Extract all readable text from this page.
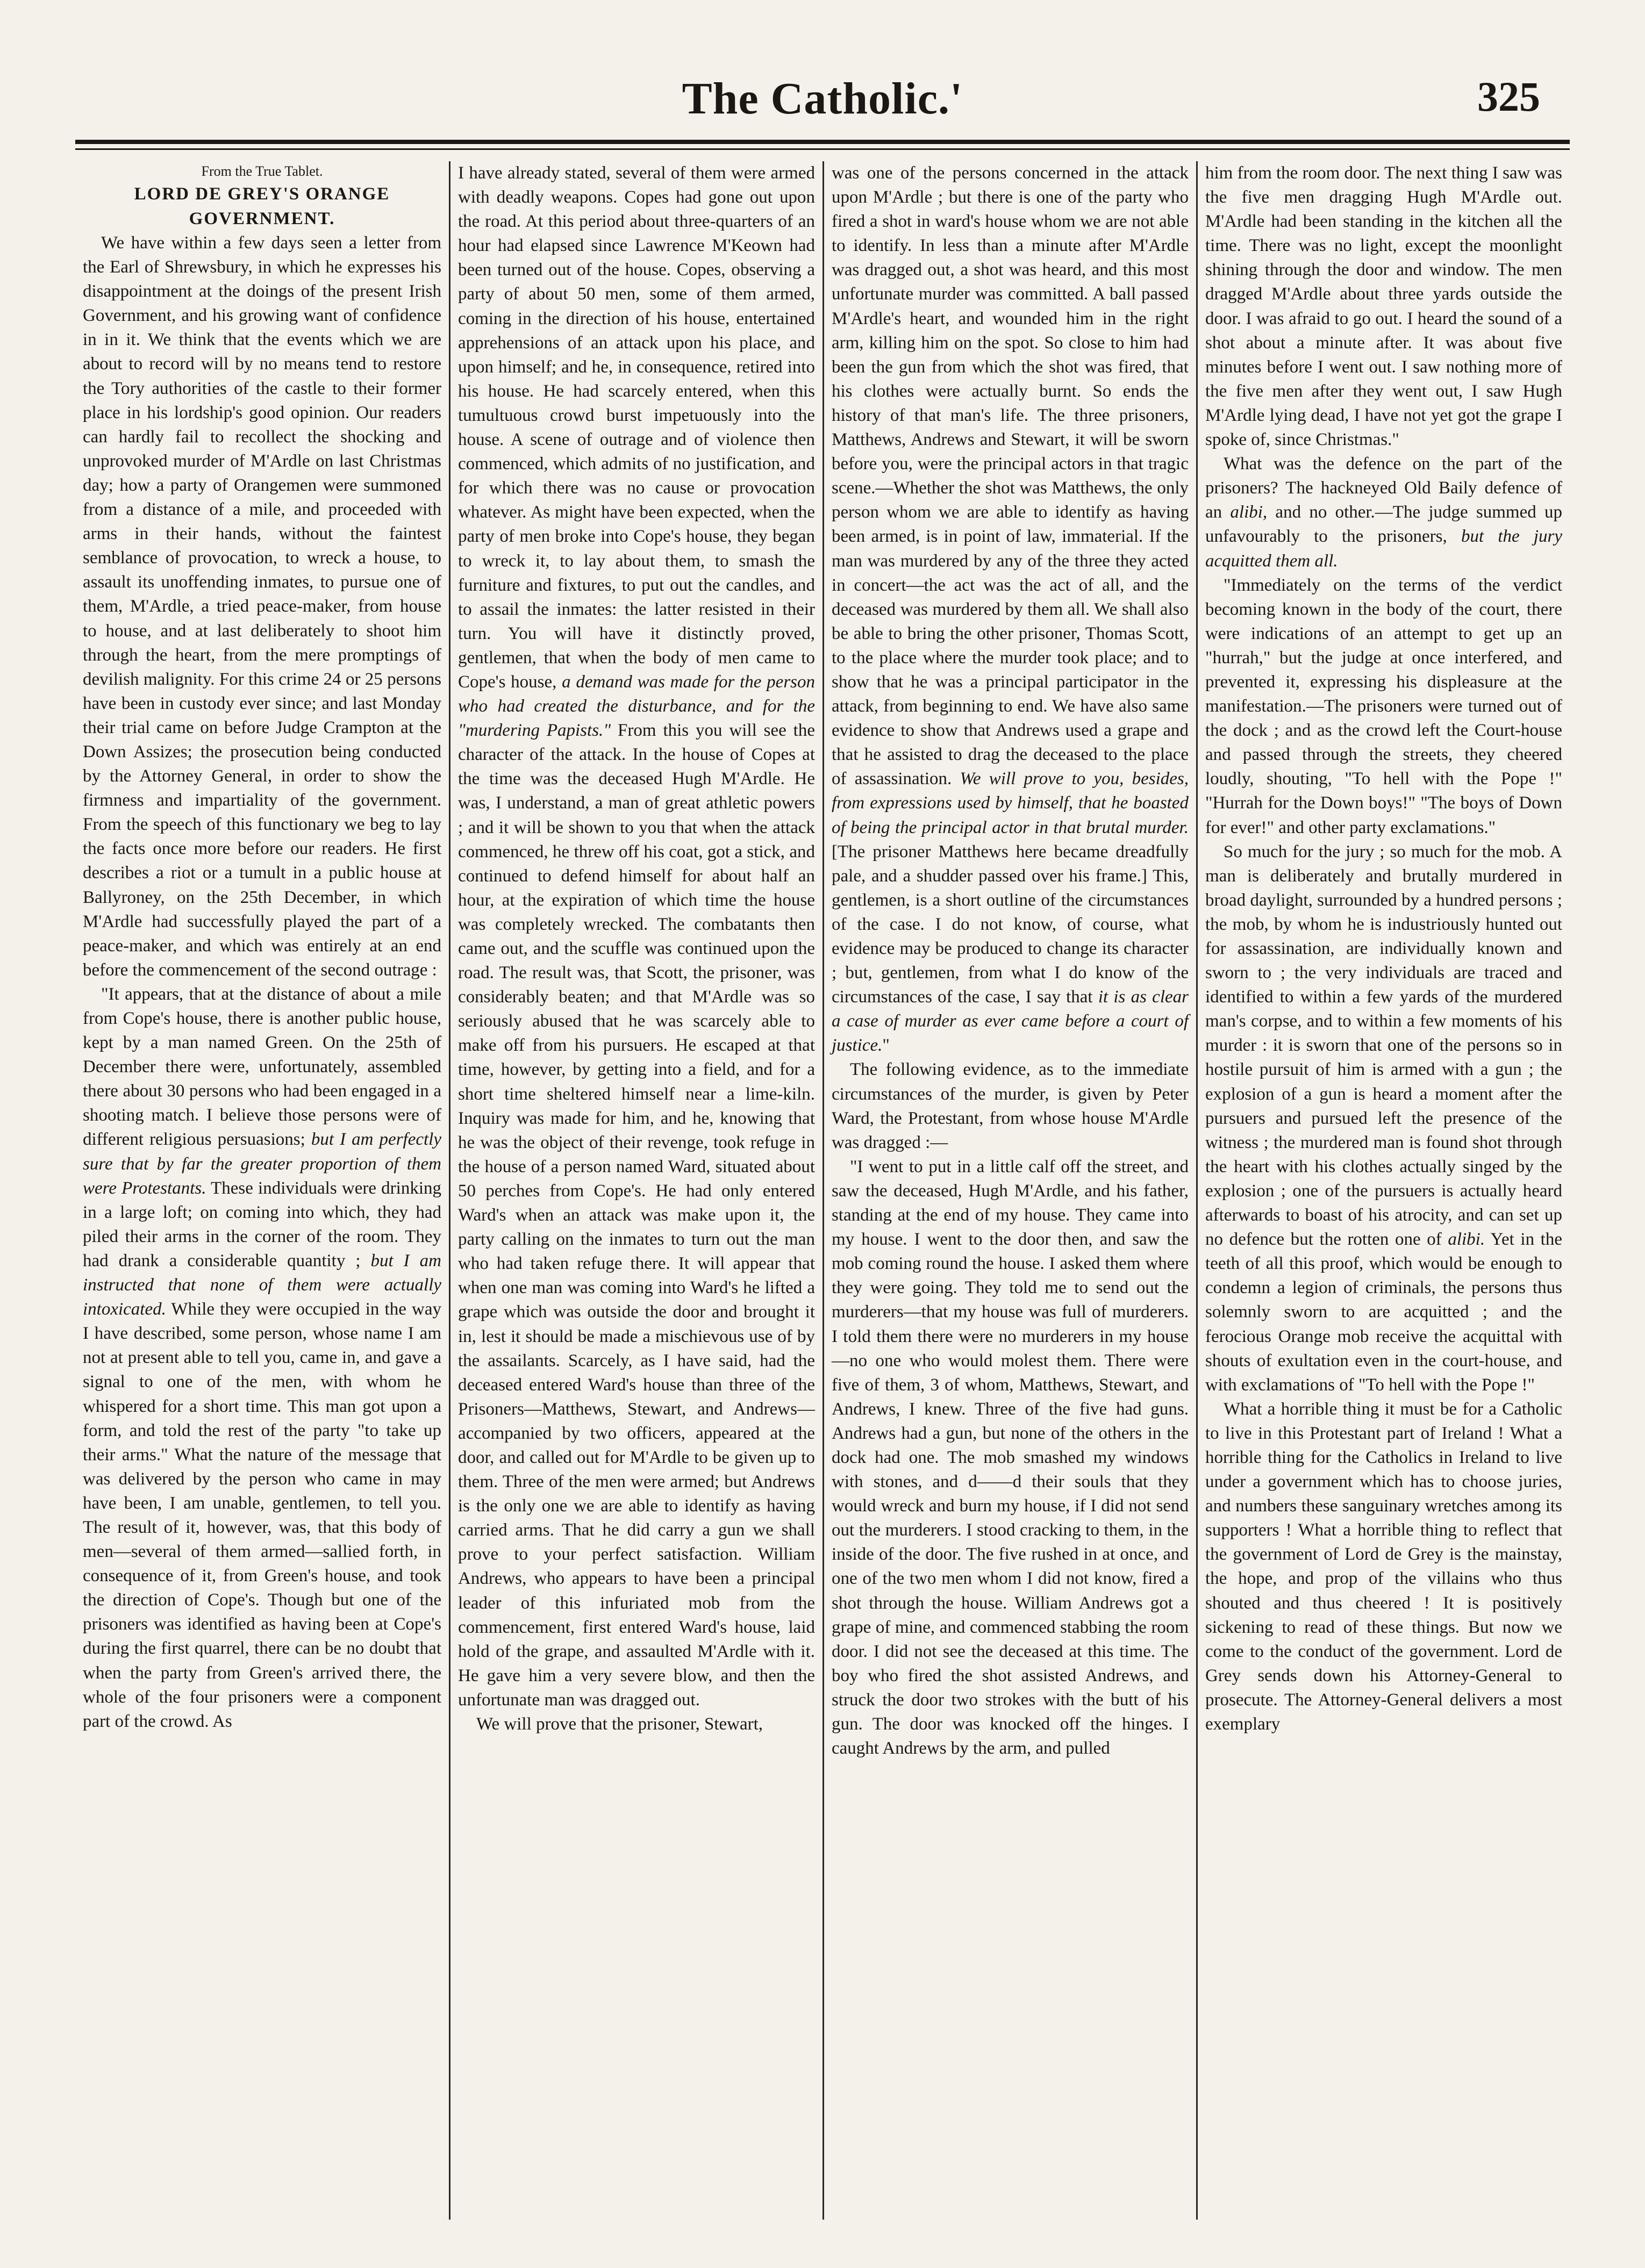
The Catholic.'	325

From the True Tablet.

LORD DE GREY'S ORANGE GOVERNMENT.

We have within a few days seen a letter from the Earl of Shrewsbury, in which he expresses his disappointment at the doings of the present Irish Government, and his growing want of confidence in in it. We think that the events which we are about to record will by no means tend to restore the Tory authorities of the castle to their former place in his lordship's good opinion. Our readers can hardly fail to recollect the shocking and unprovoked murder of M'Ardle on last Christmas day; how a party of Orangemen were summoned from a distance of a mile, and proceeded with arms in their hands, without the faintest semblance of provocation, to wreck a house, to assault its unoffending inmates, to pursue one of them, M'Ardle, a tried peace-maker, from house to house, and at last deliberately to shoot him through the heart, from the mere promptings of devilish malignity. For this crime 24 or 25 persons have been in custody ever since; and last Monday their trial came on before Judge Crampton at the Down Assizes; the prosecution being conducted by the Attorney General, in order to show the firmness and impartiality of the government. From the speech of this functionary we beg to lay the facts once more before our readers. He first describes a riot or a tumult in a public house at Ballyroney, on the 25th December, in which M'Ardle had successfully played the part of a peace-maker, and which was entirely at an end before the commencement of the second outrage :

"It appears, that at the distance of about a mile from Cope's house, there is another public house, kept by a man named Green. On the 25th of December there were, unfortunately, assembled there about 30 persons who had been engaged in a shooting match. I believe those persons were of different religious persuasions; but I am perfectly sure that by far the greater proportion of them were Protestants. These individuals were drinking in a large loft; on coming into which, they had piled their arms in the corner of the room. They had drank a considerable quantity ; but I am instructed that none of them were actually intoxicated. While they were occupied in the way I have described, some person, whose name I am not at present able to tell you, came in, and gave a signal to one of the men, with whom he whispered for a short time. This man got upon a form, and told the rest of the party "to take up their arms." What the nature of the message that was delivered by the person who came in may have been, I am unable, gentlemen, to tell you. The result of it, however, was, that this body of men—several of them armed—sallied forth, in consequence of it, from Green's house, and took the direction of Cope's. Though but one of the prisoners was identified as having been at Cope's during the first quarrel, there can be no doubt that when the party from Green's arrived there, the whole of the four prisoners were a component part of the crowd. As

I have already stated, several of them were armed with deadly weapons. Copes had gone out upon the road. At this period about three-quarters of an hour had elapsed since Lawrence M'Keown had been turned out of the house. Copes, observing a party of about 50 men, some of them armed, coming in the direction of his house, entertained apprehensions of an attack upon his place, and upon himself; and he, in consequence, retired into his house. He had scarcely entered, when this tumultuous crowd burst impetuously into the house. A scene of outrage and of violence then commenced, which admits of no justification, and for which there was no cause or provocation whatever. As might have been expected, when the party of men broke into Cope's house, they began to wreck it, to lay about them, to smash the furniture and fixtures, to put out the candles, and to assail the inmates: the latter resisted in their turn. You will have it distinctly proved, gentlemen, that when the body of men came to Cope's house, a demand was made for the person who had created the disturbance, and for the "murdering Papists." From this you will see the character of the attack. In the house of Copes at the time was the deceased Hugh M'Ardle. He was, I understand, a man of great athletic powers ; and it will be shown to you that when the attack commenced, he threw off his coat, got a stick, and continued to defend himself for about half an hour, at the expiration of which time the house was completely wrecked. The combatants then came out, and the scuffle was continued upon the road. The result was, that Scott, the prisoner, was considerably beaten; and that M'Ardle was so seriously abused that he was scarcely able to make off from his pursuers. He escaped at that time, however, by getting into a field, and for a short time sheltered himself near a lime-kiln. Inquiry was made for him, and he, knowing that he was the object of their revenge, took refuge in the house of a person named Ward, situated about 50 perches from Cope's. He had only entered Ward's when an attack was make upon it, the party calling on the inmates to turn out the man who had taken refuge there. It will appear that when one man was coming into Ward's he lifted a grape which was outside the door and brought it in, lest it should be made a mischievous use of by the assailants. Scarcely, as I have said, had the deceased entered Ward's house than three of the Prisoners—Matthews, Stewart, and Andrews—accompanied by two officers, appeared at the door, and called out for M'Ardle to be given up to them. Three of the men were armed; but Andrews is the only one we are able to identify as having carried arms. That he did carry a gun we shall prove to your perfect satisfaction. William Andrews, who appears to have been a principal leader of this infuriated mob from the commencement, first entered Ward's house, laid hold of the grape, and assaulted M'Ardle with it. He gave him a very severe blow, and then the unfortunate man was dragged out.

We will prove that the prisoner, Stewart,

was one of the persons concerned in the attack upon M'Ardle ; but there is one of the party who fired a shot in ward's house whom we are not able to identify. In less than a minute after M'Ardle was dragged out, a shot was heard, and this most unfortunate murder was committed. A ball passed M'Ardle's heart, and wounded him in the right arm, killing him on the spot. So close to him had been the gun from which the shot was fired, that his clothes were actually burnt. So ends the history of that man's life. The three prisoners, Matthews, Andrews and Stewart, it will be sworn before you, were the principal actors in that tragic scene.—Whether the shot was Matthews, the only person whom we are able to identify as having been armed, is in point of law, immaterial. If the man was murdered by any of the three they acted in concert—the act was the act of all, and the deceased was murdered by them all. We shall also be able to bring the other prisoner, Thomas Scott, to the place where the murder took place; and to show that he was a principal participator in the attack, from beginning to end. We have also same evidence to show that Andrews used a grape and that he assisted to drag the deceased to the place of assassination. We will prove to you, besides, from expressions used by himself, that he boasted of being the principal actor in that brutal murder. [The prisoner Matthews here became dreadfully pale, and a shudder passed over his frame.] This, gentlemen, is a short outline of the circumstances of the case. I do not know, of course, what evidence may be produced to change its character ; but, gentlemen, from what I do know of the circumstances of the case, I say that it is as clear a case of murder as ever came before a court of justice."

The following evidence, as to the immediate circumstances of the murder, is given by Peter Ward, the Protestant, from whose house M'Ardle was dragged :—

"I went to put in a little calf off the street, and saw the deceased, Hugh M'Ardle, and his father, standing at the end of my house. They came into my house. I went to the door then, and saw the mob coming round the house. I asked them where they were going. They told me to send out the murderers—that my house was full of murderers. I told them there were no murderers in my house—no one who would molest them. There were five of them, 3 of whom, Matthews, Stewart, and Andrews, I knew. Three of the five had guns. Andrews had a gun, but none of the others in the dock had one. The mob smashed my windows with stones, and d——d their souls that they would wreck and burn my house, if I did not send out the murderers. I stood cracking to them, in the inside of the door. The five rushed in at once, and one of the two men whom I did not know, fired a shot through the house. William Andrews got a grape of mine, and commenced stabbing the room door. I did not see the deceased at this time. The boy who fired the shot assisted Andrews, and struck the door two strokes with the butt of his gun. The door was knocked off the hinges. I caught Andrews by the arm, and pulled

him from the room door. The next thing I saw was the five men dragging Hugh M'Ardle out. M'Ardle had been standing in the kitchen all the time. There was no light, except the moonlight shining through the door and window. The men dragged M'Ardle about three yards outside the door. I was afraid to go out. I heard the sound of a shot about a minute after. It was about five minutes before I went out. I saw nothing more of the five men after they went out, I saw Hugh M'Ardle lying dead, I have not yet got the grape I spoke of, since Christmas."

What was the defence on the part of the prisoners? The hackneyed Old Baily defence of an alibi, and no other.—The judge summed up unfavourably to the prisoners, but the jury acquitted them all.

"Immediately on the terms of the verdict becoming known in the body of the court, there were indications of an attempt to get up an "hurrah," but the judge at once interfered, and prevented it, expressing his displeasure at the manifestation.—The prisoners were turned out of the dock ; and as the crowd left the Court-house and passed through the streets, they cheered loudly, shouting, "To hell with the Pope !" "Hurrah for the Down boys!" "The boys of Down for ever!" and other party exclamations."

So much for the jury ; so much for the mob. A man is deliberately and brutally murdered in broad daylight, surrounded by a hundred persons ; the mob, by whom he is industriously hunted out for assassination, are individually known and sworn to ; the very individuals are traced and identified to within a few yards of the murdered man's corpse, and to within a few moments of his murder : it is sworn that one of the persons so in hostile pursuit of him is armed with a gun ; the explosion of a gun is heard a moment after the pursuers and pursued left the presence of the witness ; the murdered man is found shot through the heart with his clothes actually singed by the explosion ; one of the pursuers is actually heard afterwards to boast of his atrocity, and can set up no defence but the rotten one of alibi. Yet in the teeth of all this proof, which would be enough to condemn a legion of criminals, the persons thus solemnly sworn to are acquitted ; and the ferocious Orange mob receive the acquittal with shouts of exultation even in the court-house, and with exclamations of "To hell with the Pope !"

What a horrible thing it must be for a Catholic to live in this Protestant part of Ireland ! What a horrible thing for the Catholics in Ireland to live under a government which has to choose juries, and numbers these sanguinary wretches among its supporters ! What a horrible thing to reflect that the government of Lord de Grey is the mainstay, the hope, and prop of the villains who thus shouted and thus cheered ! It is positively sickening to read of these things. But now we come to the conduct of the government. Lord de Grey sends down his Attorney-General to prosecute. The Attorney-General delivers a most exemplary
